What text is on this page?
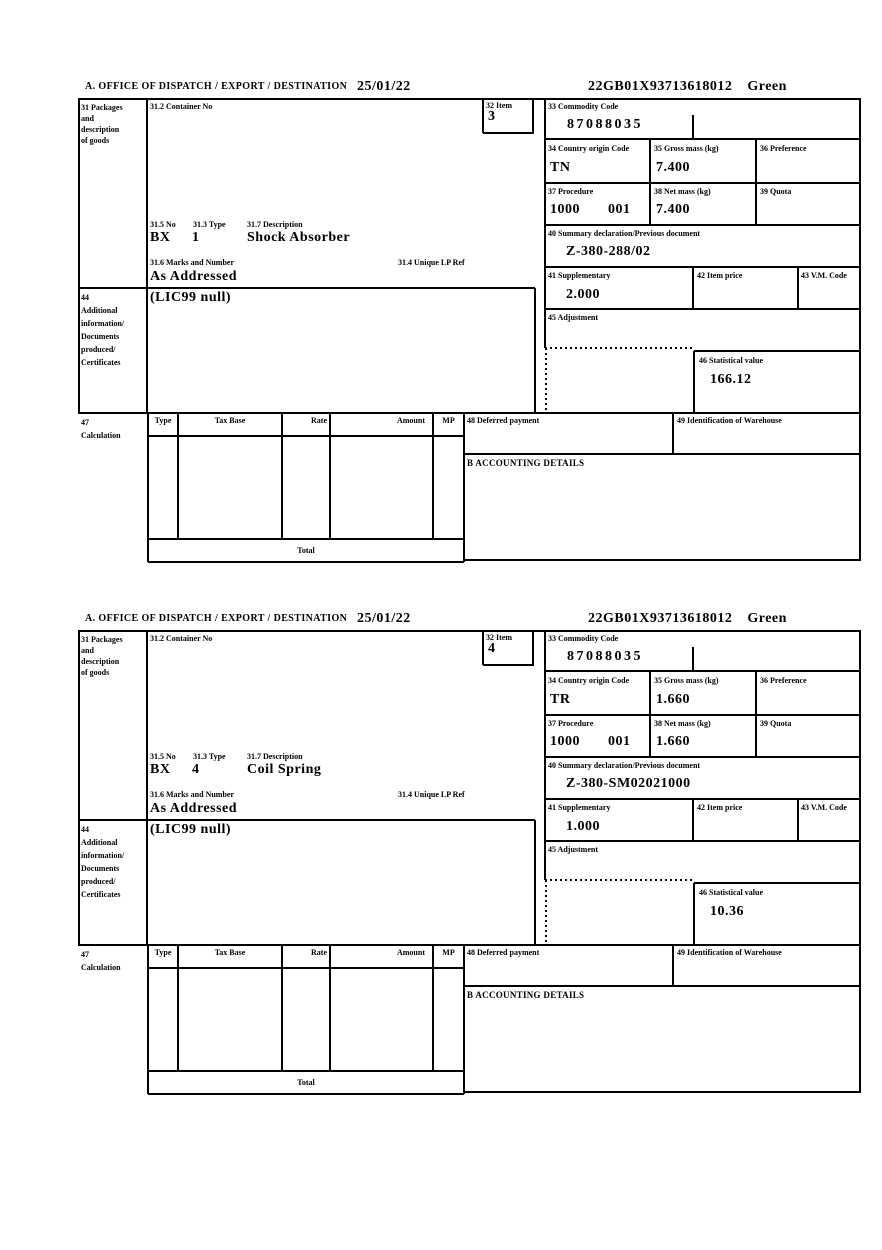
A. OFFICE OF DISPATCH / EXPORT / DESTINATION 25/01/22	22GB01X93713618012 Green
31 Packages
and
description
of goods
31.2 Container No	32 Item
3
33 Commodity Code
87088035
34 Country origin Code
TN
35 Gross mass (kg)
7.400
36 Preference
37 Procedure
1000 001
38 Net mass (kg)
7.400
39 Quota
31.5 No 31.3 Type	31.7 Description
BX 1	Shock Absorber	40 Summary declaration/Previous document
Z-380-288/02
31.6 Marks and Number	31.4 Unique LP Ref
As Addressed	41 Supplementary
2.000
42 Item price	43 V.M. Code
44
Additional
information/
Documents
produced/
Certificates
(LIC99 null)
45 Adjustment
46 Statistical value
166.12
47
Calculation
Type	Tax Base	Rate	Amount	MP
Total
48 Deferred payment	49 Identification of Warehouse
B ACCOUNTING DETAILS
A. OFFICE OF DISPATCH / EXPORT / DESTINATION 25/01/22	22GB01X93713618012 Green
31 Packages
and
description
of goods
31.2 Container No	32 Item
4
33 Commodity Code
87088035
34 Country origin Code
TR
35 Gross mass (kg)
1.660
36 Preference
37 Procedure
1000 001
38 Net mass (kg)
1.660
39 Quota
31.5 No 31.3 Type	31.7 Description
BX 4	Coil Spring	40 Summary declaration/Previous document
Z-380-SM02021000
31.6 Marks and Number	31.4 Unique LP Ref
As Addressed	41 Supplementary
1.000
42 Item price	43 V.M. Code
44
Additional
information/
Documents
produced/
Certificates
(LIC99 null)
45 Adjustment
46 Statistical value
10.36
47
Calculation
Type	Tax Base	Rate	Amount	MP
Total
48 Deferred payment	49 Identification of Warehouse
B ACCOUNTING DETAILS
